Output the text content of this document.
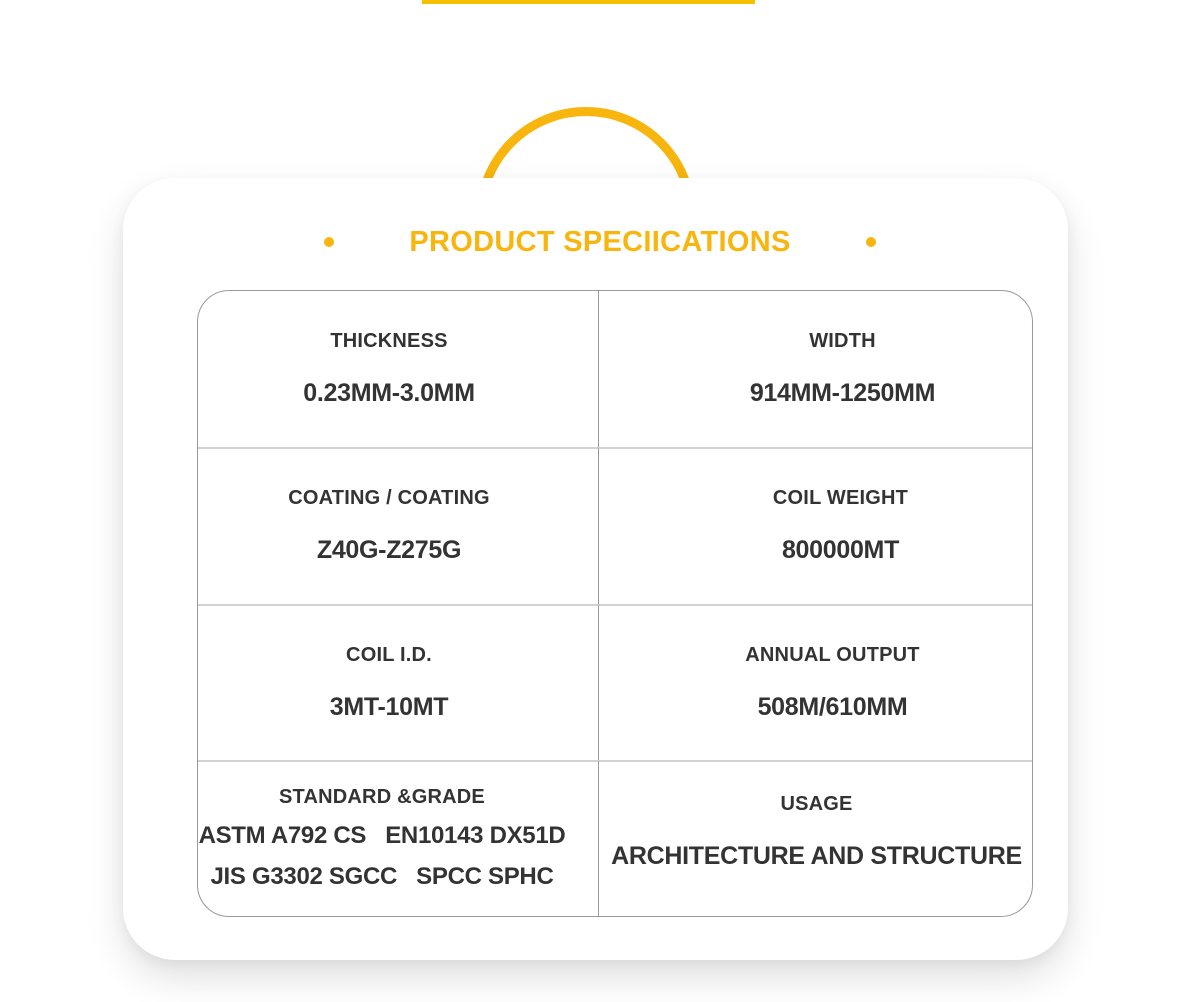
PRODUCT SPECIICATIONS
THICKNESS
0.23MM-3.0MM
WIDTH
914MM-1250MM
COATING / COATING
Z40G-Z275G
COIL WEIGHT
800000MT
COIL I.D.
3MT-10MT
ANNUAL OUTPUT
508M/610MM
STANDARD &GRADE
ASTM A792 CS   EN10143 DX51D
JIS G3302 SGCC   SPCC SPHC
USAGE
ARCHITECTURE AND STRUCTURE
